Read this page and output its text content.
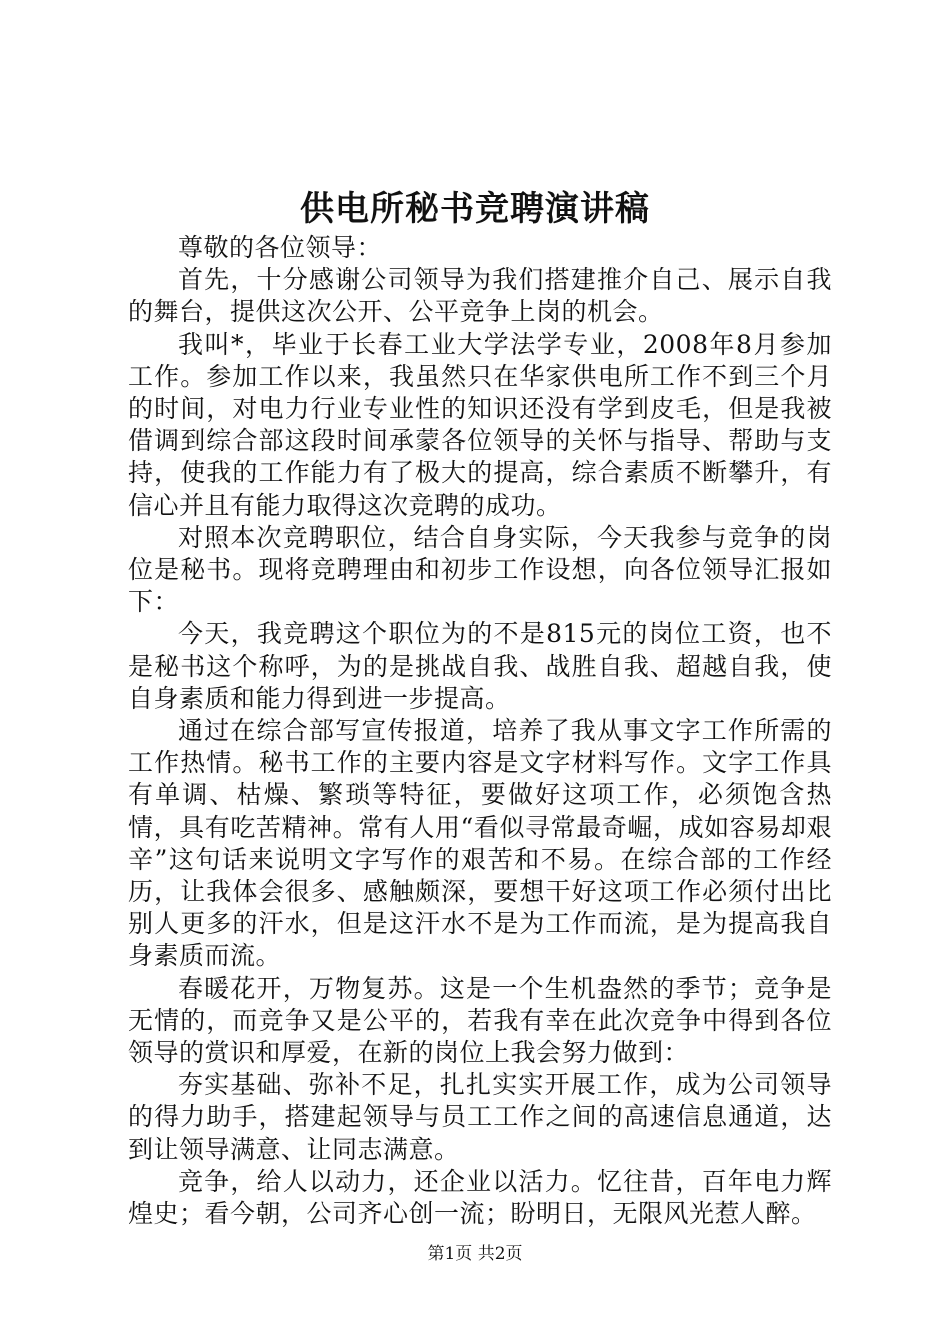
供电所秘书竞聘演讲稿

尊敬的各位领导：

首先，十分感谢公司领导为我们搭建推介自己、展示自我的舞台，提供这次公开、公平竞争上岗的机会。

我叫*，毕业于长春工业大学法学专业，2008年8月参加工作。参加工作以来，我虽然只在华家供电所工作不到三个月的时间，对电力行业专业性的知识还没有学到皮毛，但是我被借调到综合部这段时间承蒙各位领导的关怀与指导、帮助与支持，使我的工作能力有了极大的提高，综合素质不断攀升，有信心并且有能力取得这次竞聘的成功。

对照本次竞聘职位，结合自身实际，今天我参与竞争的岗位是秘书。现将竞聘理由和初步工作设想，向各位领导汇报如下：

今天，我竞聘这个职位为的不是815元的岗位工资，也不是秘书这个称呼，为的是挑战自我、战胜自我、超越自我，使自身素质和能力得到进一步提高。

通过在综合部写宣传报道，培养了我从事文字工作所需的工作热情。秘书工作的主要内容是文字材料写作。文字工作具有单调、枯燥、繁琐等特征，要做好这项工作，必须饱含热情，具有吃苦精神。常有人用“看似寻常最奇崛，成如容易却艰辛”这句话来说明文字写作的艰苦和不易。在综合部的工作经历，让我体会很多、感触颇深，要想干好这项工作必须付出比别人更多的汗水，但是这汗水不是为工作而流，是为提高我自身素质而流。

春暖花开，万物复苏。这是一个生机盎然的季节；竞争是无情的，而竞争又是公平的，若我有幸在此次竞争中得到各位领导的赏识和厚爱，在新的岗位上我会努力做到：

夯实基础、弥补不足，扎扎实实开展工作，成为公司领导的得力助手，搭建起领导与员工工作之间的高速信息通道，达到让领导满意、让同志满意。

竞争，给人以动力，还企业以活力。忆往昔，百年电力辉煌史；看今朝，公司齐心创一流；盼明日，无限风光惹人醉。

第1页 共2页
